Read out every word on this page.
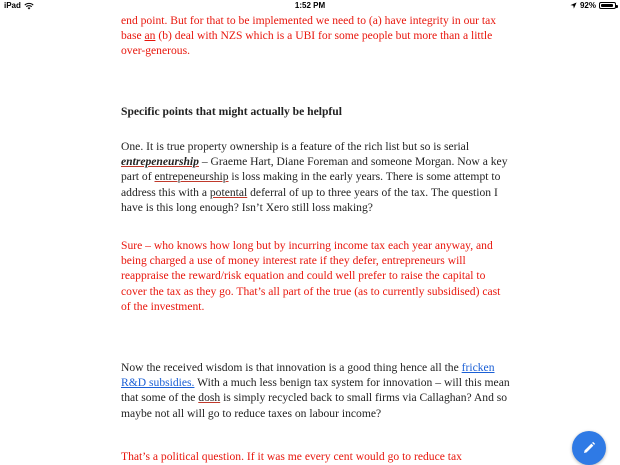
iPad	1:52 PM	92%
end point. But for that to be implemented we need to (a) have integrity in our tax base an (b) deal with NZS which is a UBI for some people but more than a little over-generous.
Specific points that might actually be helpful
One. It is true property ownership is a feature of the rich list but so is serial entrepeneurship – Graeme Hart, Diane Foreman and someone Morgan. Now a key part of entrepeneurship is loss making in the early years. There is some attempt to address this with a potental deferral of up to three years of the tax. The question I have is this long enough? Isn’t Xero still loss making?
Sure – who knows how long but by incurring income tax each year anyway, and being charged a use of money interest rate if they defer, entrepreneurs will reappraise the reward/risk equation and could well prefer to raise the capital to cover the tax as they go. That’s all part of the true (as to currently subsidised) cast of the investment.
Now the received wisdom is that innovation is a good thing hence all the fricken R&D subsidies. With a much less benign tax system for innovation – will this mean that some of the dosh is simply recycled back to small firms via Callaghan? And so maybe not all will go to reduce taxes on labour income?
That’s a political question. If it was me every cent would go to reduce tax
